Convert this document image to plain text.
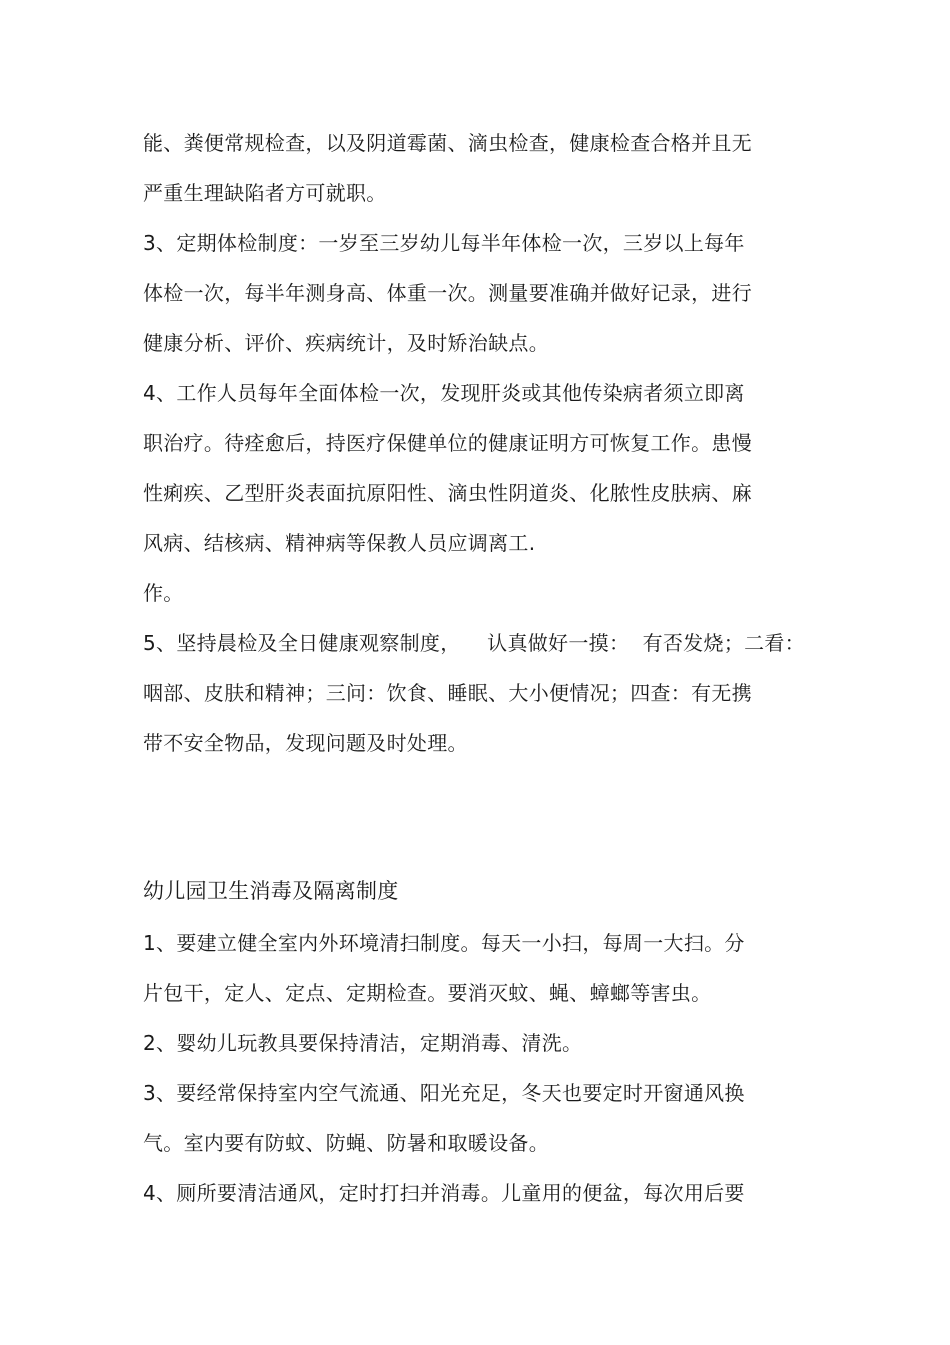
能、粪便常规检查，以及阴道霉菌、滴虫检查，健康检查合格并且无
严重生理缺陷者方可就职。
3、定期体检制度：一岁至三岁幼儿每半年体检一次，三岁以上每年
体检一次，每半年测身高、体重一次。测量要准确并做好记录，进行
健康分析、评价、疾病统计，及时矫治缺点。
4、工作人员每年全面体检一次，发现肝炎或其他传染病者须立即离
职治疗。待痊愈后，持医疗保健单位的健康证明方可恢复工作。患慢
性痢疾、乙型肝炎表面抗原阳性、滴虫性阴道炎、化脓性皮肤病、麻
风病、结核病、精神病等保教人员应调离工.
作。
5、坚持晨检及全日健康观察制度，    认真做好一摸：  有否发烧；二看：
咽部、皮肤和精神；三问：饮食、睡眠、大小便情况；四查：有无携
带不安全物品，发现问题及时处理。
幼儿园卫生消毒及隔离制度
1、要建立健全室内外环境清扫制度。每天一小扫，每周一大扫。分
片包干，定人、定点、定期检查。要消灭蚊、蝇、蟑螂等害虫。
2、婴幼儿玩教具要保持清洁，定期消毒、清洗。
3、要经常保持室内空气流通、阳光充足，冬天也要定时开窗通风换
气。室内要有防蚊、防蝇、防暑和取暖设备。
4、厕所要清洁通风，定时打扫并消毒。儿童用的便盆，每次用后要
